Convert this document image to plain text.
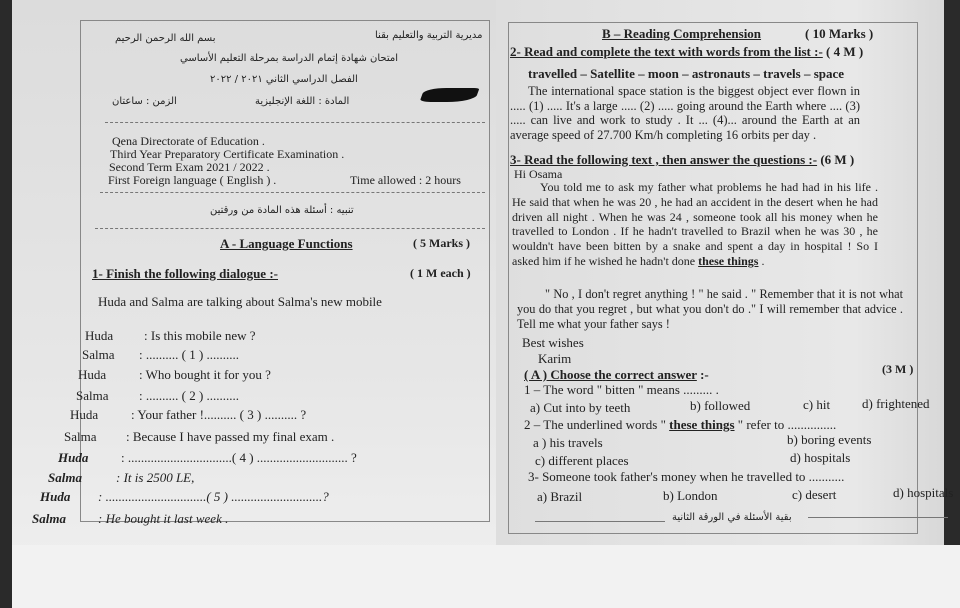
مديرية التربية والتعليم بقنا
بسم الله الرحمن الرحيم
امتحان شهادة إتمام الدراسة بمرحلة التعليم الأساسي
الفصل الدراسي الثاني ٢٠٢١ / ٢٠٢٢
المادة : اللغة الإنجليزية
الزمن : ساعتان
Qena Directorate of Education .
Third Year Preparatory Certificate Examination .
Second Term Exam 2021 / 2022 .
First Foreign language ( English ) .	Time allowed : 2 hours
تنبيه : أسئلة هذه المادة من ورقتين
A - Language Functions	( 5 Marks )
1- Finish the following dialogue :-	( 1 M each )
Huda and Salma are talking about Salma's new mobile
Huda : Is this mobile new ?
Salma : .......... ( 1 ) ..........
Huda	: Who bought it for you ?
Salma : .......... ( 2 ) ..........
Huda	: Your father !.......... ( 3 ) .......... ?
Salma : Because I have passed my final exam .
Huda	: ................................( 4 ) ............................ ?
Salma	: It is 2500 LE,
Huda : ...............................( 5 ) ............................?
Salma : He bought it last week .
B – Reading Comprehension	( 10 Marks )
2- Read and complete the text with words from the list :- ( 4 M )
travelled – Satellite – moon – astronauts – travels – space
The international space station is the biggest object ever flown in ..... (1) ..... It's a large ..... (2) ..... going around the Earth where .... (3) ..... can live and work to study . It ... (4)... around the Earth at an average speed of 27.700 Km/h completing 16 orbits per day .
3- Read the following text , then answer the questions :- (6 M )
Hi Osama
You told me to ask my father what problems he had had in his life . He said that when he was 20 , he had an accident in the desert when he had driven all night . When he was 24 , someone took all his money when he travelled to London . If he hadn't travelled to Brazil when he was 30 , he wouldn't have been bitten by a snake and spent a day in hospital ! So I asked him if he wished he hadn't done these things .
" No , I don't regret anything ! " he said . " Remember that it is not what you do that you regret , but what you don't do ." I will remember that advice . Tell me what your father says !
Best wishes
Karim
( A ) Choose the correct answer :-	(3 M )
1 – The word " bitten " means ......... .
a) Cut into by teeth	b) followed	c) hit d) frightened
2 – The underlined words " these things " refer to ...............
a ) his travels	b) boring events
c) different places	d) hospitals
3- Someone took father's money when he travelled to ...........
a) Brazil	b) London	c) desert	d) hospitals
بقية الأسئلة في الورقة الثانية
